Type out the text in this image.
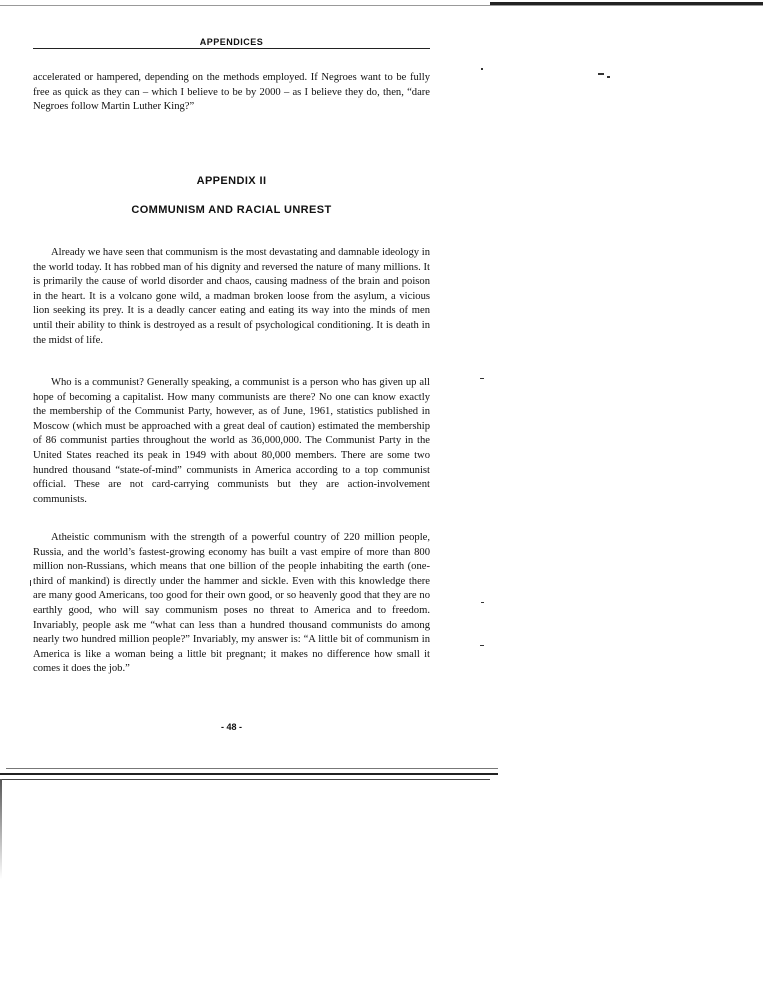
APPENDICES

accelerated or hampered, depending on the methods employed. If Negroes want to be fully free as quick as they can – which I believe to be by 2000 – as I believe they do, then, “dare Negroes follow Martin Luther King?”

APPENDIX II
COMMUNISM AND RACIAL UNREST

Already we have seen that communism is the most devastating and damnable ideology in the world today. It has robbed man of his dignity and reversed the nature of many millions. It is primarily the cause of world disorder and chaos, causing madness of the brain and poison in the heart. It is a volcano gone wild, a madman broken loose from the asylum, a vicious lion seeking its prey. It is a deadly cancer eating and eating its way into the minds of men until their ability to think is destroyed as a result of psychological conditioning. It is death in the midst of life.

Who is a communist? Generally speaking, a communist is a person who has given up all hope of becoming a capitalist. How many communists are there? No one can know exactly the membership of the Communist Party, however, as of June, 1961, statistics published in Moscow (which must be approached with a great deal of caution) estimated the membership of 86 communist parties throughout the world as 36,000,000. The Communist Party in the United States reached its peak in 1949 with about 80,000 members. There are some two hundred thousand “state-of-mind” communists in America according to a top communist official. These are not card-carrying communists but they are action-involvement communists.

Atheistic communism with the strength of a powerful country of 220 million people, Russia, and the world’s fastest-growing economy has built a vast empire of more than 800 million non-Russians, which means that one billion of the people inhabiting the earth (one-third of mankind) is directly under the hammer and sickle. Even with this knowledge there are many good Americans, too good for their own good, or so heavenly good that they are no earthly good, who will say communism poses no threat to America and to freedom. Invariably, people ask me “what can less than a hundred thousand communists do among nearly two hundred million people?” Invariably, my answer is: “A little bit of communism in America is like a woman being a little bit pregnant; it makes no difference how small it comes it does the job.”

- 48 -
